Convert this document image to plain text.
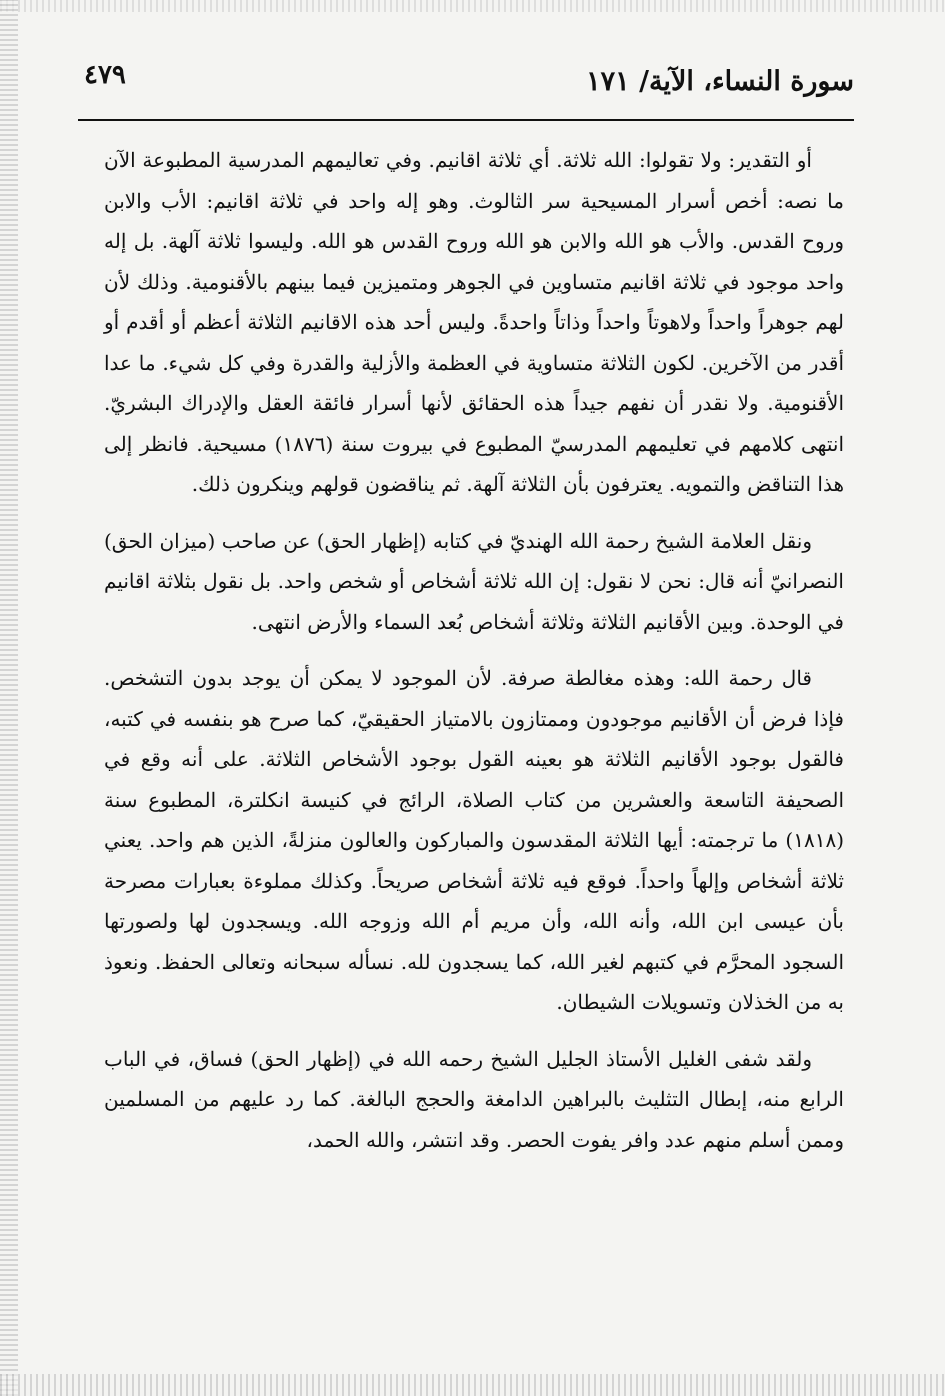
سورة النساء، الآية/ ١٧١
٤٧٩

أو التقدير: ولا تقولوا: الله ثلاثة. أي ثلاثة اقانيم. وفي تعاليمهم المدرسية المطبوعة الآن ما نصه: أخص أسرار المسيحية سر الثالوث. وهو إله واحد في ثلاثة اقانيم: الأب والابن وروح القدس. والأب هو الله والابن هو الله وروح القدس هو الله. وليسوا ثلاثة آلهة. بل إله واحد موجود في ثلاثة اقانيم متساوين في الجوهر ومتميزين فيما بينهم بالأقنومية. وذلك لأن لهم جوهراً واحداً ولاهوتاً واحداً وذاتاً واحدةً. وليس أحد هذه الاقانيم الثلاثة أعظم أو أقدم أو أقدر من الآخرين. لكون الثلاثة متساوية في العظمة والأزلية والقدرة وفي كل شيء. ما عدا الأقنومية. ولا نقدر أن نفهم جيداً هذه الحقائق لأنها أسرار فائقة العقل والإدراك البشريّ. انتهى كلامهم في تعليمهم المدرسيّ المطبوع في بيروت سنة (١٨٧٦) مسيحية. فانظر إلى هذا التناقض والتمويه. يعترفون بأن الثلاثة آلهة. ثم يناقضون قولهم وينكرون ذلك.

ونقل العلامة الشيخ رحمة الله الهنديّ في كتابه (إظهار الحق) عن صاحب (ميزان الحق) النصرانيّ أنه قال: نحن لا نقول: إن الله ثلاثة أشخاص أو شخص واحد. بل نقول بثلاثة اقانيم في الوحدة. وبين الأقانيم الثلاثة وثلاثة أشخاص بُعد السماء والأرض انتهى.

قال رحمة الله: وهذه مغالطة صرفة. لأن الموجود لا يمكن أن يوجد بدون التشخص. فإذا فرض أن الأقانيم موجودون وممتازون بالامتياز الحقيقيّ، كما صرح هو بنفسه في كتبه، فالقول بوجود الأقانيم الثلاثة هو بعينه القول بوجود الأشخاص الثلاثة. على أنه وقع في الصحيفة التاسعة والعشرين من كتاب الصلاة، الرائج في كنيسة انكلترة، المطبوع سنة (١٨١٨) ما ترجمته: أيها الثلاثة المقدسون والمباركون والعالون منزلةً، الذين هم واحد. يعني ثلاثة أشخاص وإلهاً واحداً. فوقع فيه ثلاثة أشخاص صريحاً. وكذلك مملوءة بعبارات مصرحة بأن عيسى ابن الله، وأنه الله، وأن مريم أم الله وزوجه الله. ويسجدون لها ولصورتها السجود المحرَّم في كتبهم لغير الله، كما يسجدون لله. نسأله سبحانه وتعالى الحفظ. ونعوذ به من الخذلان وتسويلات الشيطان.

ولقد شفى الغليل الأستاذ الجليل الشيخ رحمه الله في (إظهار الحق) فساق، في الباب الرابع منه، إبطال التثليث بالبراهين الدامغة والحجج البالغة. كما رد عليهم من المسلمين وممن أسلم منهم عدد وافر يفوت الحصر. وقد انتشر، والله الحمد،
